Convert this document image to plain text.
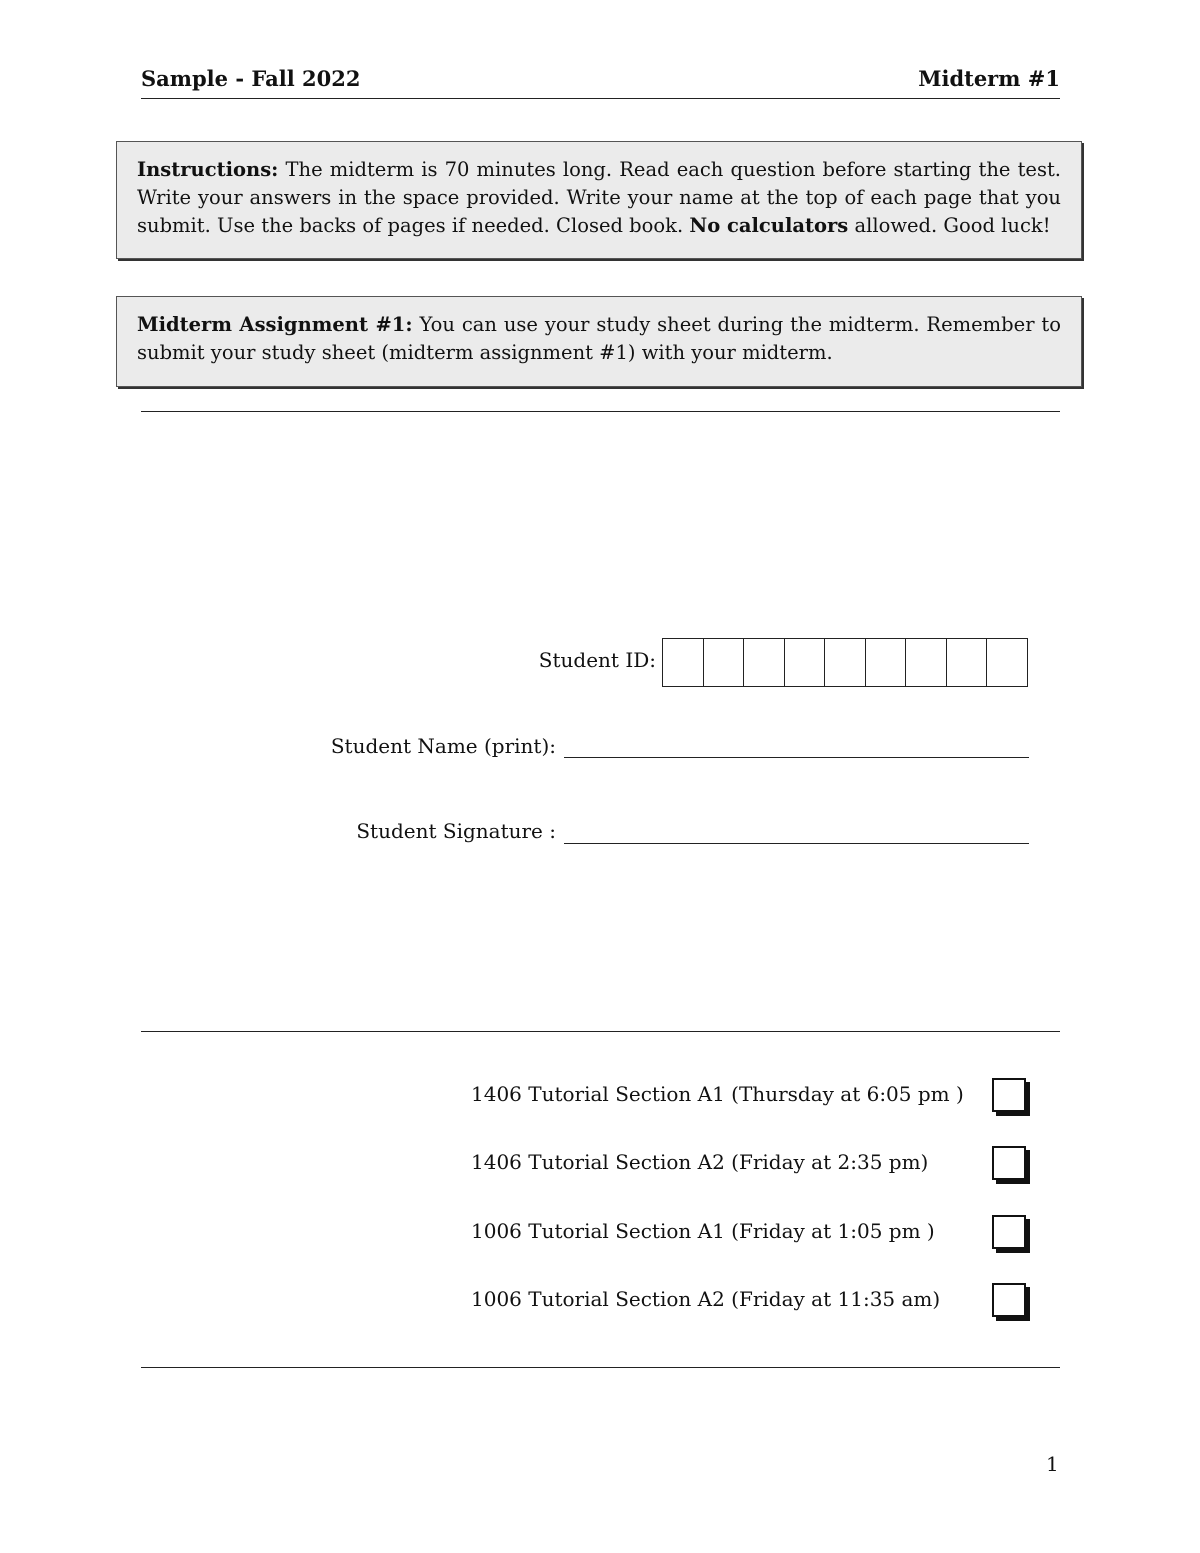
Sample - Fall 2022	Midterm #1
Instructions: The midterm is 70 minutes long. Read each question before starting the test. Write your answers in the space provided. Write your name at the top of each page that you submit. Use the backs of pages if needed. Closed book. No calculators allowed. Good luck!
Midterm Assignment #1: You can use your study sheet during the midterm. Remember to submit your study sheet (midterm assignment #1) with your midterm.
Student ID:
Student Name (print):
Student Signature :
1406 Tutorial Section A1 (Thursday at 6:05 pm )
1406 Tutorial Section A2 (Friday at 2:35 pm)
1006 Tutorial Section A1 (Friday at 1:05 pm )
1006 Tutorial Section A2 (Friday at 11:35 am)
1
